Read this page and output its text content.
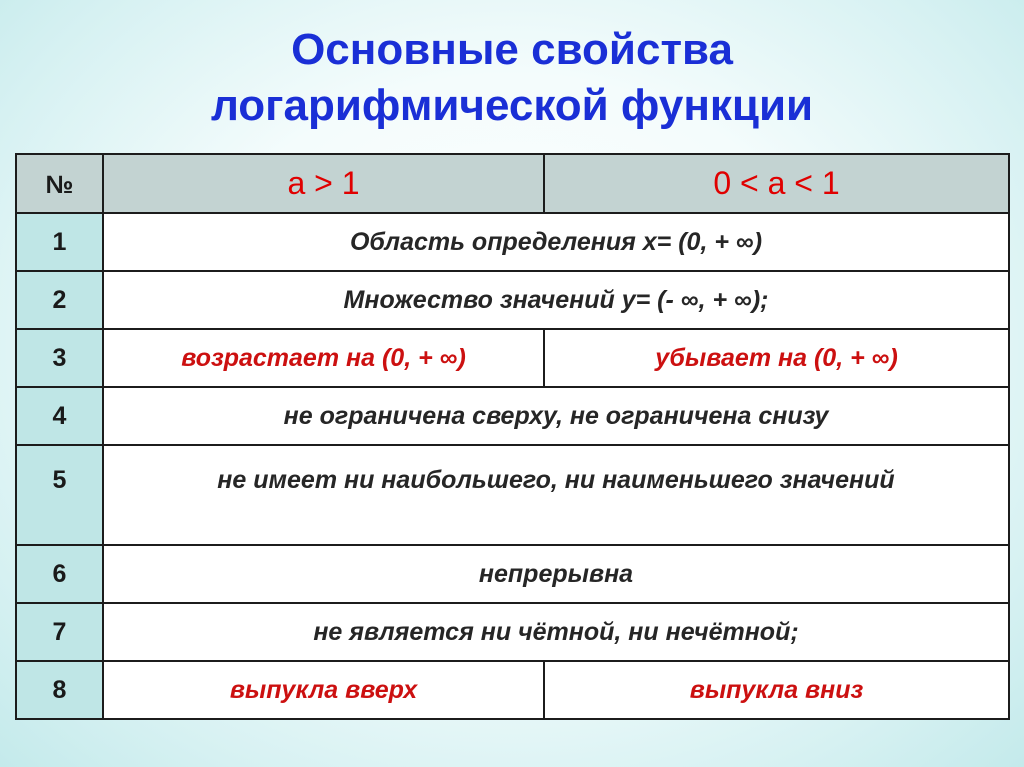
Основные свойства
логарифмической функции
№	a > 1	0 < a < 1
1	Область определения х= (0, + ∞)	
2	Множество значений у= (- ∞, + ∞);	
3	возрастает на (0, + ∞)	убывает на (0, + ∞)
4	не ограничена сверху, не ограничена снизу	
5	не имеет ни наибольшего, ни наименьшего значений	
6	непрерывна	
7	не является ни чётной, ни нечётной;	
8	выпукла вверх	выпукла вниз
